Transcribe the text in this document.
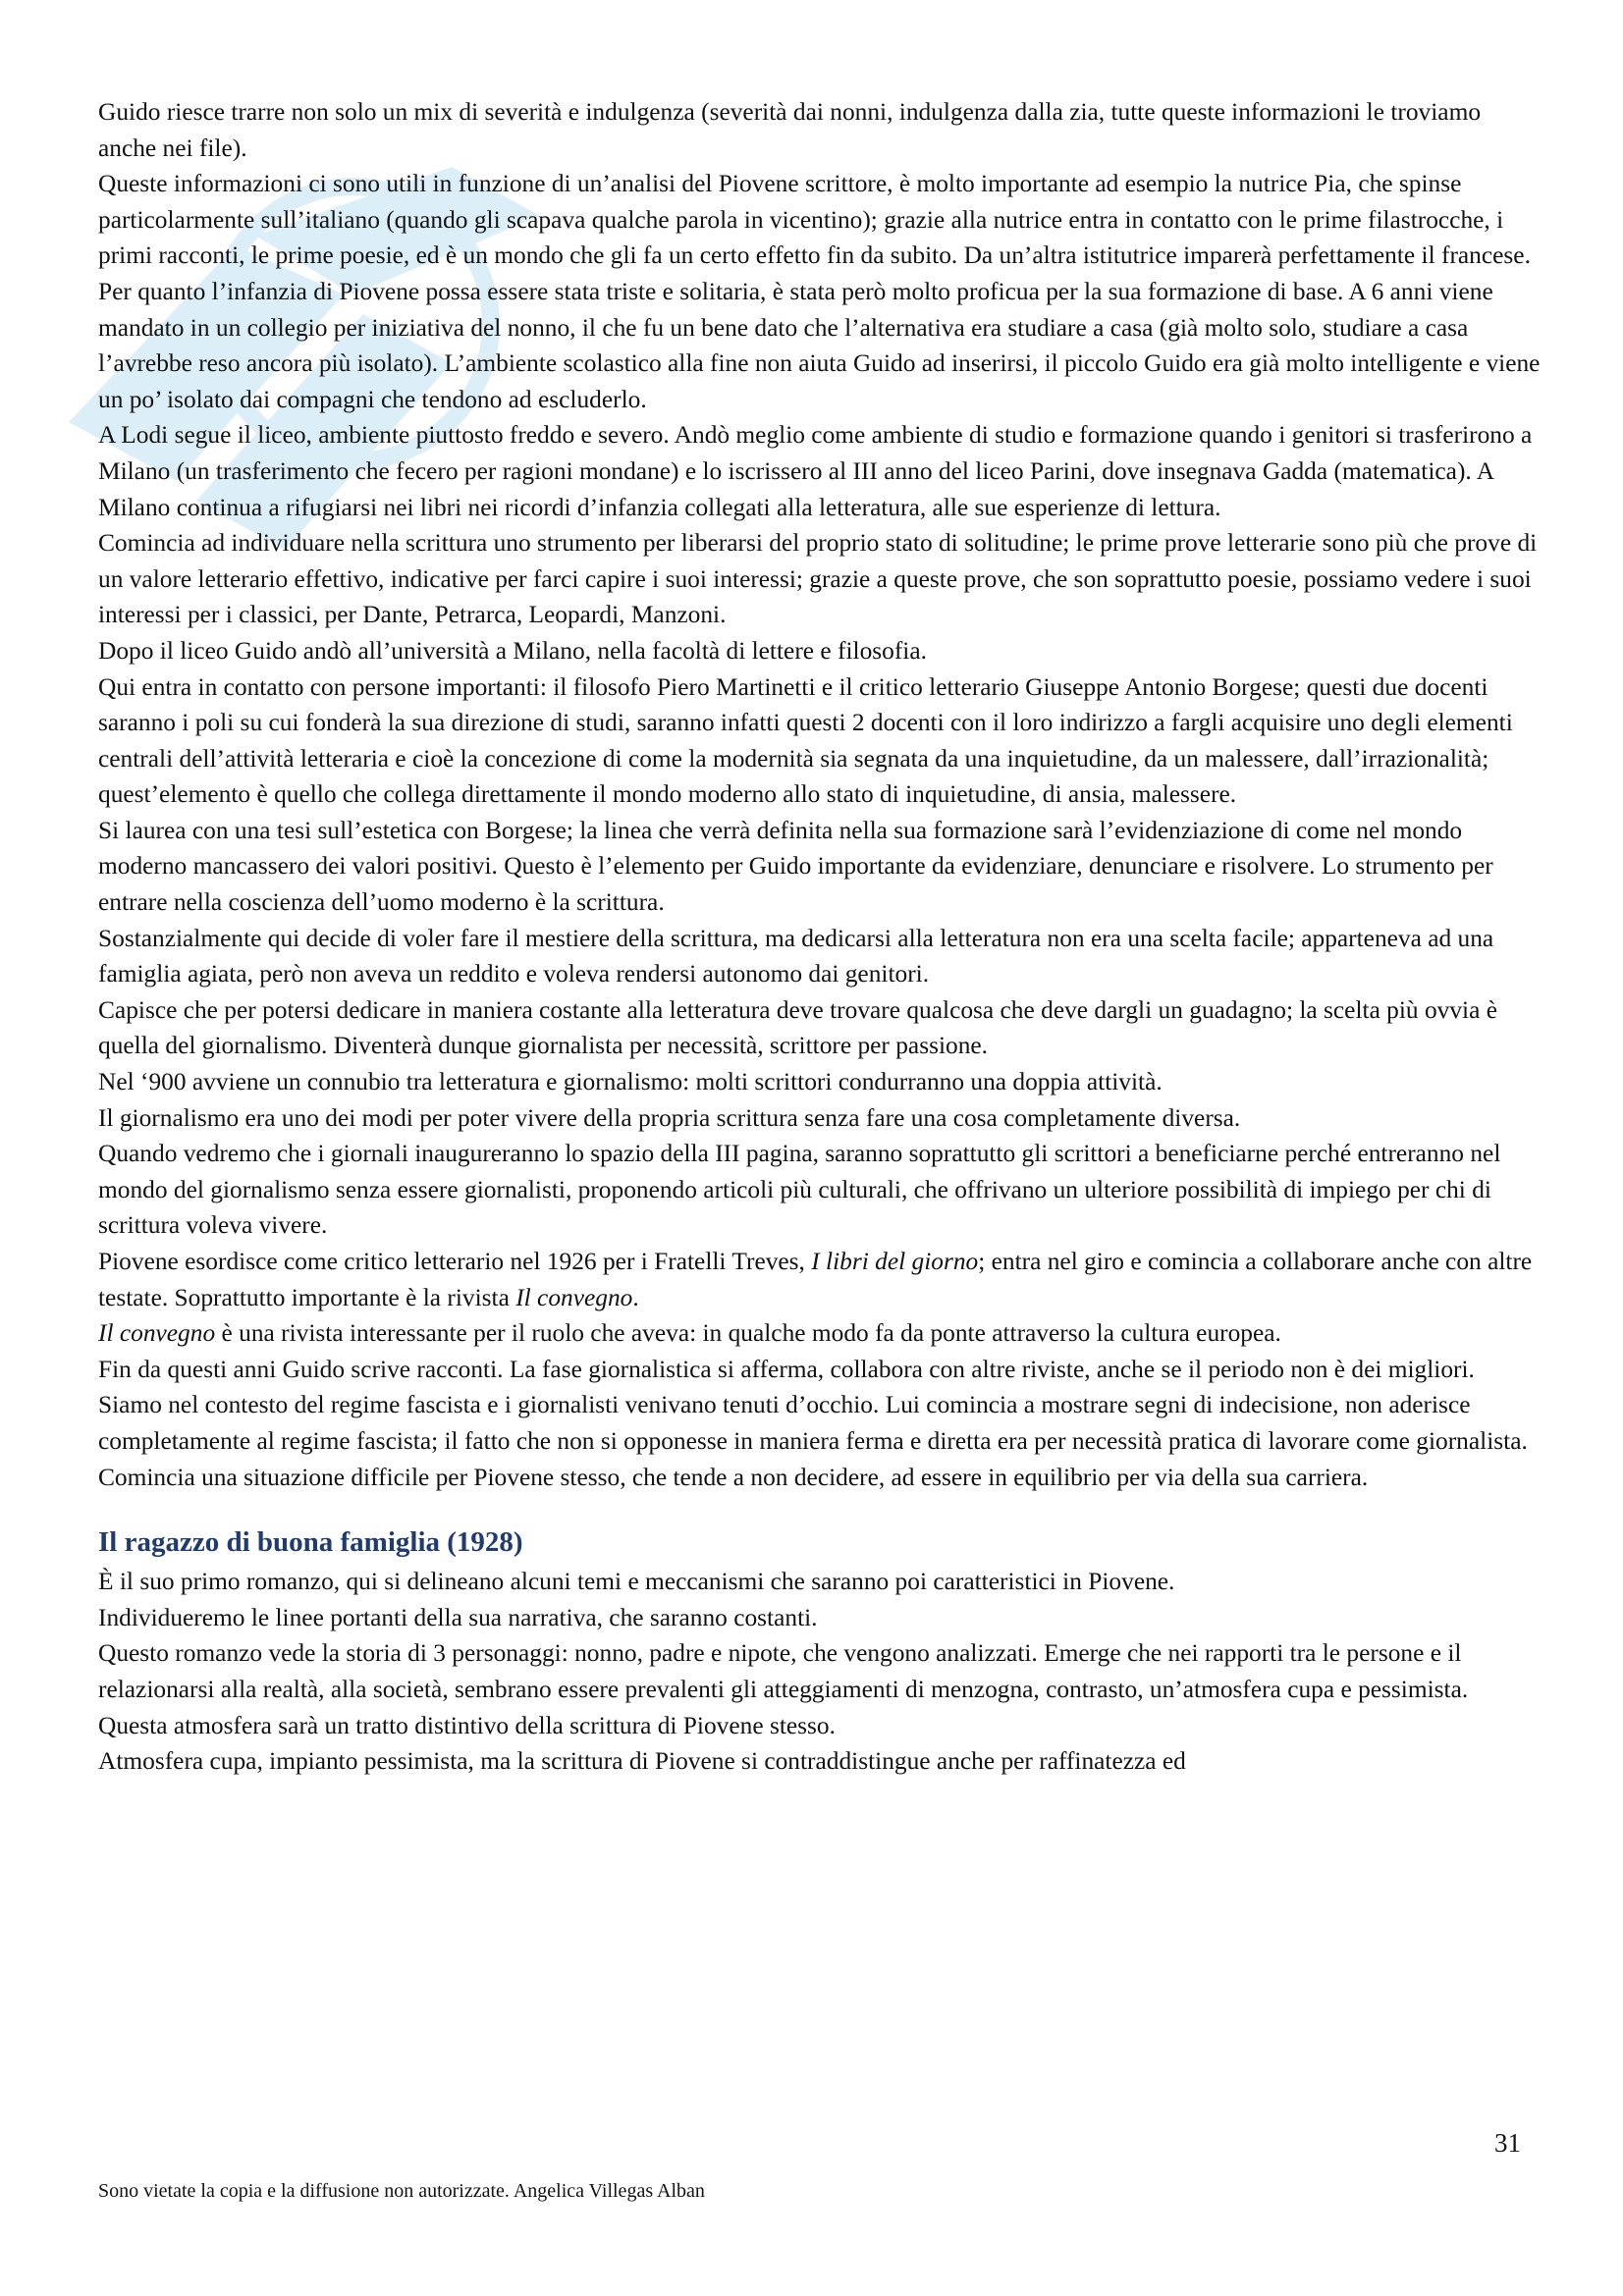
Guido riesce trarre non solo un mix di severità e indulgenza (severità dai nonni, indulgenza dalla zia, tutte queste informazioni le troviamo anche nei file).

Queste informazioni ci sono utili in funzione di un’analisi del Piovene scrittore, è molto importante ad esempio la nutrice Pia, che spinse particolarmente sull’italiano (quando gli scapava qualche parola in vicentino); grazie alla nutrice entra in contatto con le prime filastrocche, i primi racconti, le prime poesie, ed è un mondo che gli fa un certo effetto fin da subito. Da un’altra istitutrice imparerà perfettamente il francese.

Per quanto l’infanzia di Piovene possa essere stata triste e solitaria, è stata però molto proficua per la sua formazione di base. A 6 anni viene mandato in un collegio per iniziativa del nonno, il che fu un bene dato che l’alternativa era studiare a casa (già molto solo, studiare a casa l’avrebbe reso ancora più isolato). L’ambiente scolastico alla fine non aiuta Guido ad inserirsi, il piccolo Guido era già molto intelligente e viene un po’ isolato dai compagni che tendono ad escluderlo.

A Lodi segue il liceo, ambiente piuttosto freddo e severo. Andò meglio come ambiente di studio e formazione quando i genitori si trasferirono a Milano (un trasferimento che fecero per ragioni mondane) e lo iscrissero al III anno del liceo Parini, dove insegnava Gadda (matematica). A Milano continua a rifugiarsi nei libri nei ricordi d’infanzia collegati alla letteratura, alle sue esperienze di lettura.

Comincia ad individuare nella scrittura uno strumento per liberarsi del proprio stato di solitudine; le prime prove letterarie sono più che prove di un valore letterario effettivo, indicative per farci capire i suoi interessi; grazie a queste prove, che son soprattutto poesie, possiamo vedere i suoi interessi per i classici, per Dante, Petrarca, Leopardi, Manzoni.

Dopo il liceo Guido andò all’università a Milano, nella facoltà di lettere e filosofia.

Qui entra in contatto con persone importanti: il filosofo Piero Martinetti e il critico letterario Giuseppe Antonio Borgese; questi due docenti saranno i poli su cui fonderà la sua direzione di studi, saranno infatti questi 2 docenti con il loro indirizzo a fargli acquisire uno degli elementi centrali dell’attività letteraria e cioè la concezione di come la modernità sia segnata da una inquietudine, da un malessere, dall’irrazionalità; quest’elemento è quello che collega direttamente il mondo moderno allo stato di inquietudine, di ansia, malessere.

Si laurea con una tesi sull’estetica con Borgese; la linea che verrà definita nella sua formazione sarà l’evidenziazione di come nel mondo moderno mancassero dei valori positivi. Questo è l’elemento per Guido importante da evidenziare, denunciare e risolvere. Lo strumento per entrare nella coscienza dell’uomo moderno è la scrittura.

Sostanzialmente qui decide di voler fare il mestiere della scrittura, ma dedicarsi alla letteratura non era una scelta facile; apparteneva ad una famiglia agiata, però non aveva un reddito e voleva rendersi autonomo dai genitori.

Capisce che per potersi dedicare in maniera costante alla letteratura deve trovare qualcosa che deve dargli un guadagno; la scelta più ovvia è quella del giornalismo. Diventerà dunque giornalista per necessità, scrittore per passione.

Nel ‘900 avviene un connubio tra letteratura e giornalismo: molti scrittori condurranno una doppia attività.

Il giornalismo era uno dei modi per poter vivere della propria scrittura senza fare una cosa completamente diversa.

Quando vedremo che i giornali inaugureranno lo spazio della III pagina, saranno soprattutto gli scrittori a beneficiarne perché entreranno nel mondo del giornalismo senza essere giornalisti, proponendo articoli più culturali, che offrivano un ulteriore possibilità di impiego per chi di scrittura voleva vivere.

Piovene esordisce come critico letterario nel 1926 per i Fratelli Treves, I libri del giorno; entra nel giro e comincia a collaborare anche con altre testate. Soprattutto importante è la rivista Il convegno.

Il convegno è una rivista interessante per il ruolo che aveva: in qualche modo fa da ponte attraverso la cultura europea.

Fin da questi anni Guido scrive racconti. La fase giornalistica si afferma, collabora con altre riviste, anche se il periodo non è dei migliori. Siamo nel contesto del regime fascista e i giornalisti venivano tenuti d’occhio. Lui comincia a mostrare segni di indecisione, non aderisce completamente al regime fascista; il fatto che non si opponesse in maniera ferma e diretta era per necessità pratica di lavorare come giornalista. Comincia una situazione difficile per Piovene stesso, che tende a non decidere, ad essere in equilibrio per via della sua carriera.

Il ragazzo di buona famiglia (1928)

È il suo primo romanzo, qui si delineano alcuni temi e meccanismi che saranno poi caratteristici in Piovene.

Individueremo le linee portanti della sua narrativa, che saranno costanti.

Questo romanzo vede la storia di 3 personaggi: nonno, padre e nipote, che vengono analizzati. Emerge che nei rapporti tra le persone e il relazionarsi alla realtà, alla società, sembrano essere prevalenti gli atteggiamenti di menzogna, contrasto, un’atmosfera cupa e pessimista. Questa atmosfera sarà un tratto distintivo della scrittura di Piovene stesso.

Atmosfera cupa, impianto pessimista, ma la scrittura di Piovene si contraddistingue anche per raffinatezza ed

31
Sono vietate la copia e la diffusione non autorizzate. Angelica Villegas Alban
